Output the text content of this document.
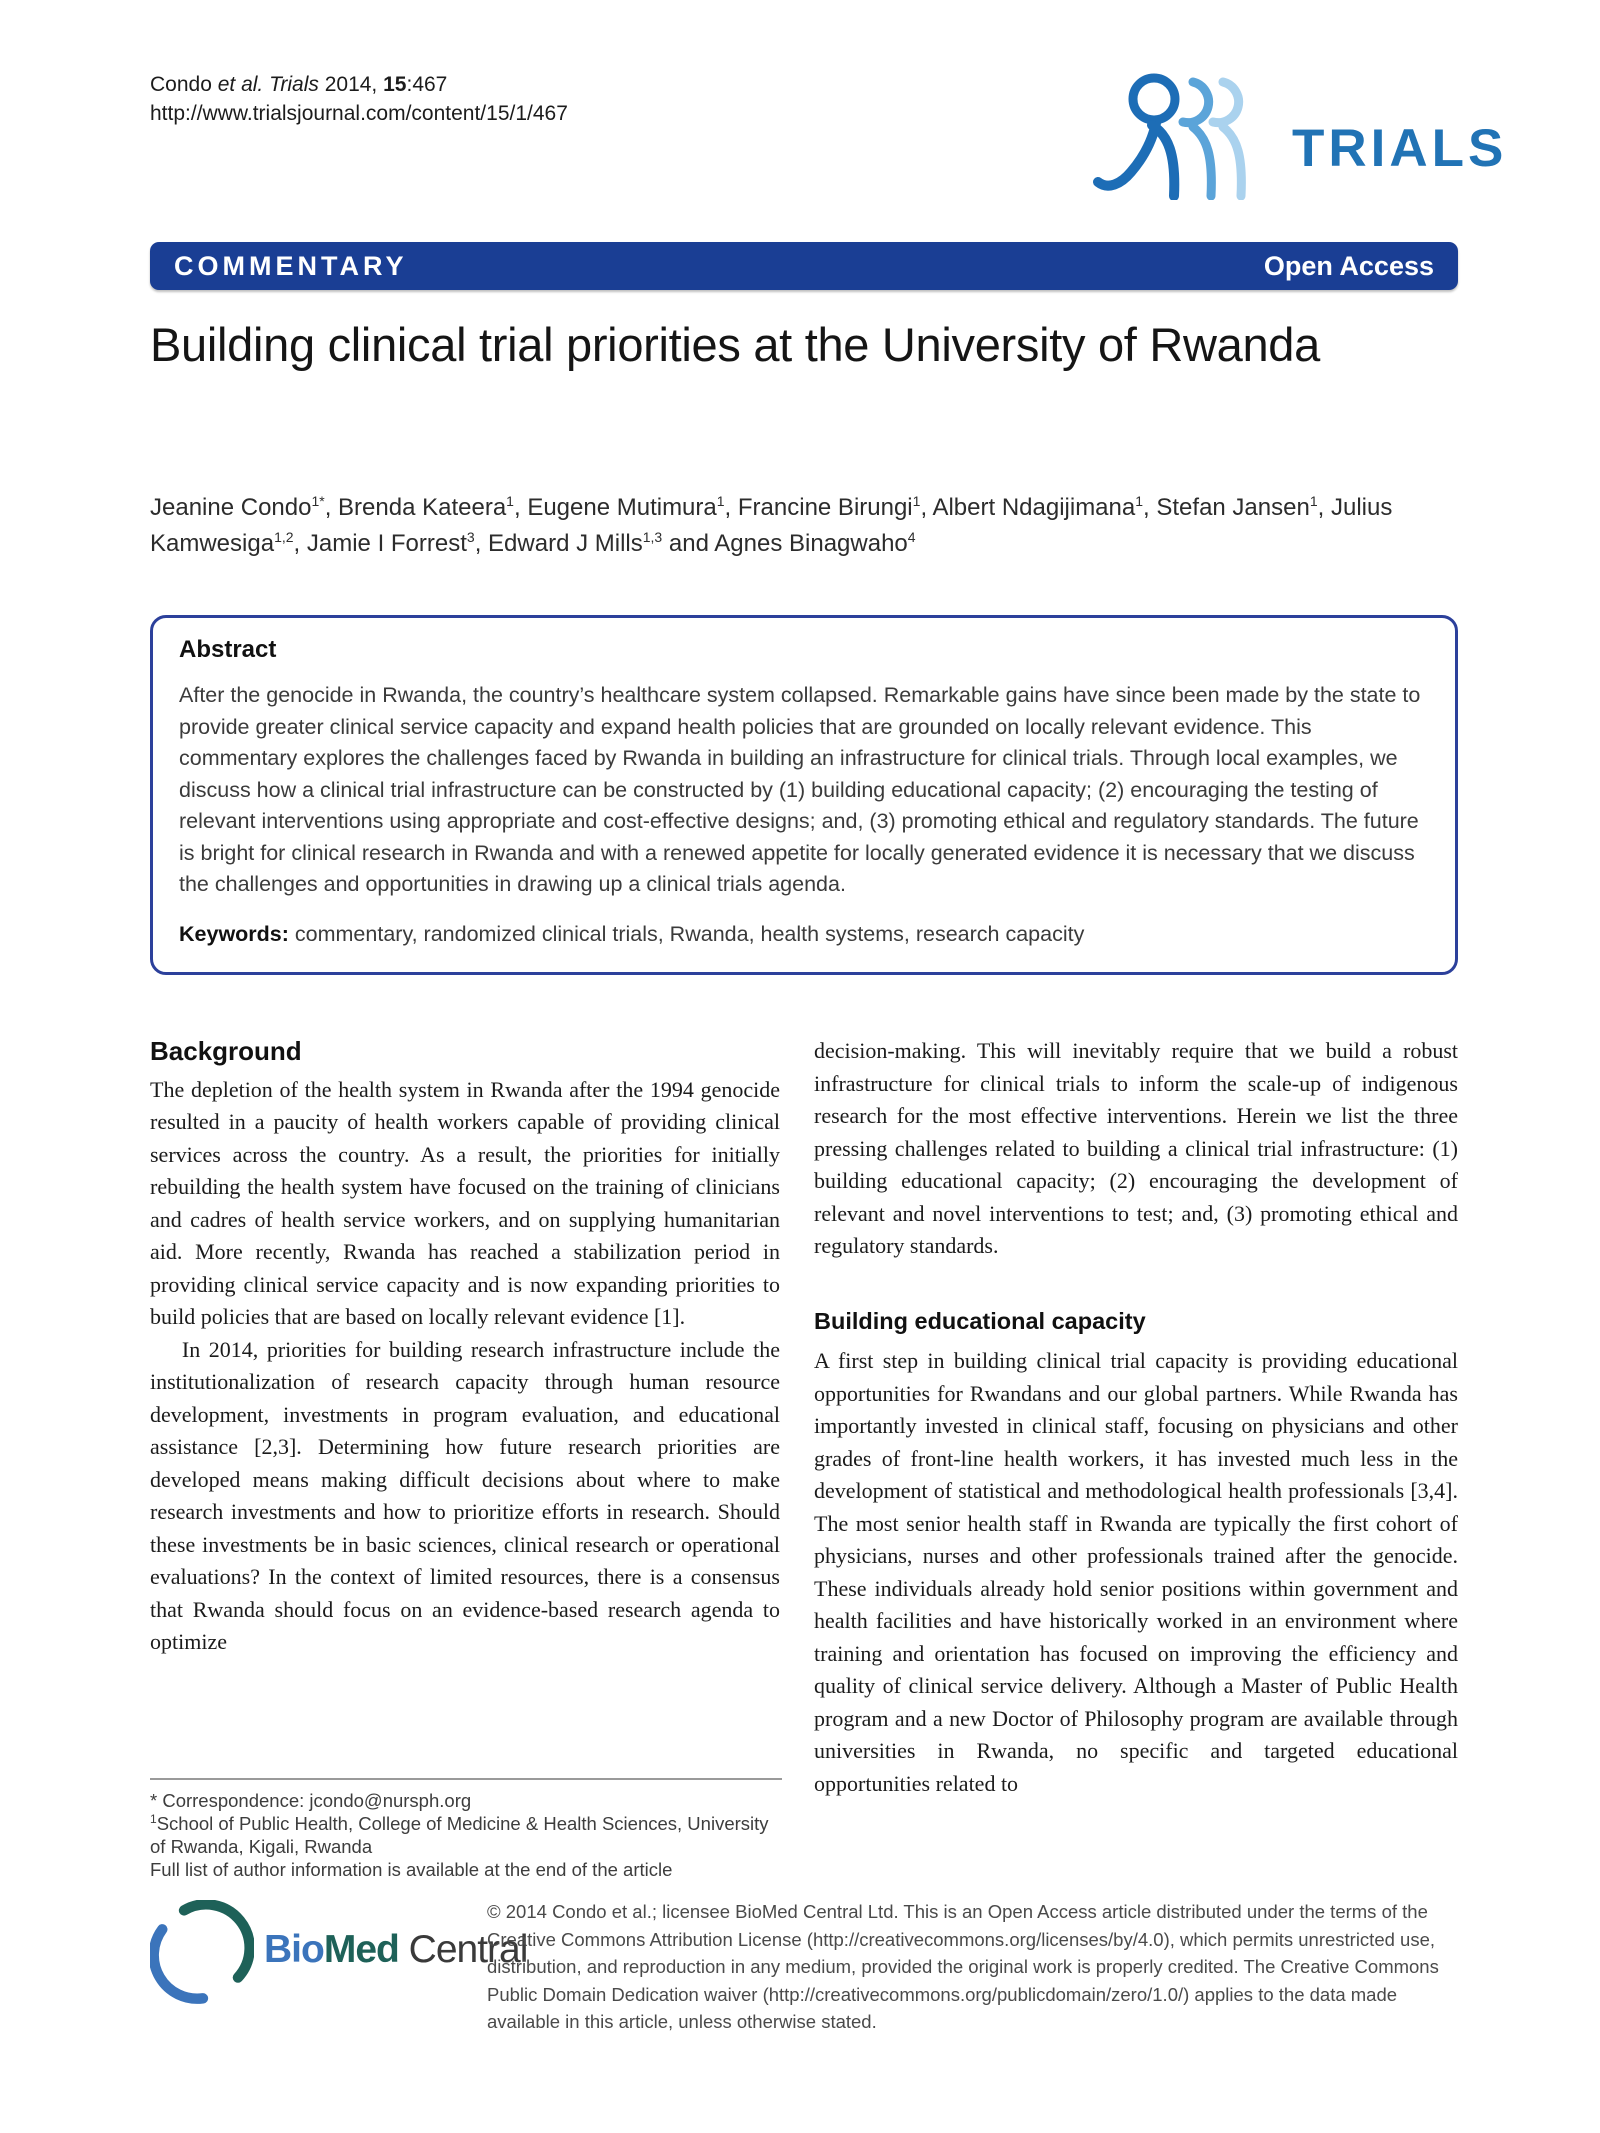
Condo et al. Trials 2014, 15:467
http://www.trialsjournal.com/content/15/1/467
TRIALS
COMMENTARY	Open Access
Building clinical trial priorities at the University of Rwanda
Jeanine Condo$^{1*}$, Brenda Kateera$^1$, Eugene Mutimura$^1$, Francine Birungi$^1$, Albert Ndagijimana$^1$, Stefan Jansen$^1$, Julius Kamwesiga$^{1,2}$, Jamie I Forrest$^3$, Edward J Mills$^{1,3}$ and Agnes Binagwaho$^4$
Abstract
After the genocide in Rwanda, the country’s healthcare system collapsed. Remarkable gains have since been made by the state to provide greater clinical service capacity and expand health policies that are grounded on locally relevant evidence. This commentary explores the challenges faced by Rwanda in building an infrastructure for clinical trials. Through local examples, we discuss how a clinical trial infrastructure can be constructed by (1) building educational capacity; (2) encouraging the testing of relevant interventions using appropriate and cost-effective designs; and, (3) promoting ethical and regulatory standards. The future is bright for clinical research in Rwanda and with a renewed appetite for locally generated evidence it is necessary that we discuss the challenges and opportunities in drawing up a clinical trials agenda.
Keywords: commentary, randomized clinical trials, Rwanda, health systems, research capacity
Background

The depletion of the health system in Rwanda after the 1994 genocide resulted in a paucity of health workers capable of providing clinical services across the country. As a result, the priorities for initially rebuilding the health system have focused on the training of clinicians and cadres of health service workers, and on supplying humanitarian aid. More recently, Rwanda has reached a stabilization period in providing clinical service capacity and is now expanding priorities to build policies that are based on locally relevant evidence [1].

In 2014, priorities for building research infrastructure include the institutionalization of research capacity through human resource development, investments in program evaluation, and educational assistance [2,3]. Determining how future research priorities are developed means making difficult decisions about where to make research investments and how to prioritize efforts in research. Should these investments be in basic sciences, clinical research or operational evaluations? In the context of limited resources, there is a consensus that Rwanda should focus on an evidence-based research agenda to optimize

decision-making. This will inevitably require that we build a robust infrastructure for clinical trials to inform the scale-up of indigenous research for the most effective interventions. Herein we list the three pressing challenges related to building a clinical trial infrastructure: (1) building educational capacity; (2) encouraging the development of relevant and novel interventions to test; and, (3) promoting ethical and regulatory standards.

Building educational capacity

A first step in building clinical trial capacity is providing educational opportunities for Rwandans and our global partners. While Rwanda has importantly invested in clinical staff, focusing on physicians and other grades of front-line health workers, it has invested much less in the development of statistical and methodological health professionals [3,4]. The most senior health staff in Rwanda are typically the first cohort of physicians, nurses and other professionals trained after the genocide. These individuals already hold senior positions within government and health facilities and have historically worked in an environment where training and orientation has focused on improving the efficiency and quality of clinical service delivery. Although a Master of Public Health program and a new Doctor of Philosophy program are available through universities in Rwanda, no specific and targeted educational opportunities related to

* Correspondence: jcondo@nursph.org
$^1$School of Public Health, College of Medicine & Health Sciences, University of Rwanda, Kigali, Rwanda
Full list of author information is available at the end of the article
BioMed Central
© 2014 Condo et al.; licensee BioMed Central Ltd. This is an Open Access article distributed under the terms of the Creative Commons Attribution License (http://creativecommons.org/licenses/by/4.0), which permits unrestricted use, distribution, and reproduction in any medium, provided the original work is properly credited. The Creative Commons Public Domain Dedication waiver (http://creativecommons.org/publicdomain/zero/1.0/) applies to the data made available in this article, unless otherwise stated.
